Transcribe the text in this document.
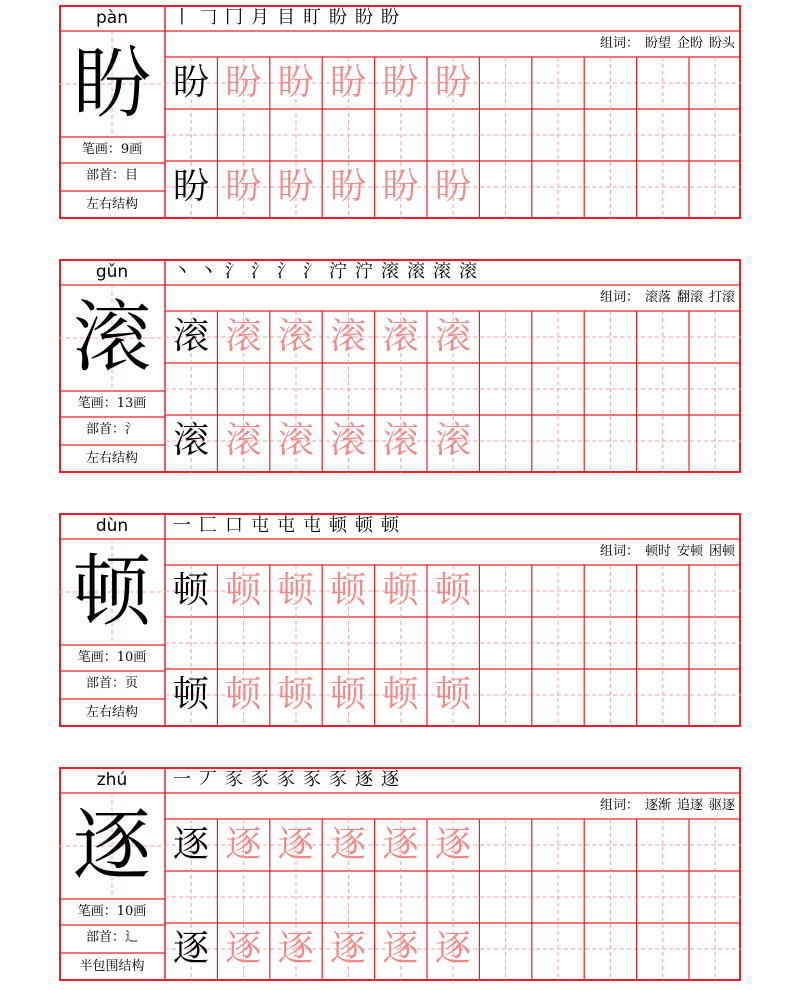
pàn
盼
笔画：9画
部首：目
左右结构
丨 𠃌 冂 月 目 盯 盼 盼 盼
组词： 盼望 企盼 盼头
盼 盼 盼 盼 盼 盼
盼 盼 盼 盼 盼 盼
gǔn
滚
笔画：13画
部首：氵
左右结构
丶 丶 氵 氵 氵 氵 泞 泞 滚 滚 滚 滚
组词： 滚落 翻滚 打滚
滚 滚 滚 滚 滚 滚
滚 滚 滚 滚 滚 滚
dùn
顿
笔画：10画
部首：页
左右结构
一 匚 口 屯 屯 屯 顿 顿 顿
组词： 顿时 安顿 困顿
顿 顿 顿 顿 顿 顿
顿 顿 顿 顿 顿 顿
zhú
逐
笔画：10画
部首：辶
半包围结构
一 丆 豕 豕 豕 豕 豕 逐 逐
组词： 逐渐 追逐 驱逐
逐 逐 逐 逐 逐 逐
逐 逐 逐 逐 逐 逐
